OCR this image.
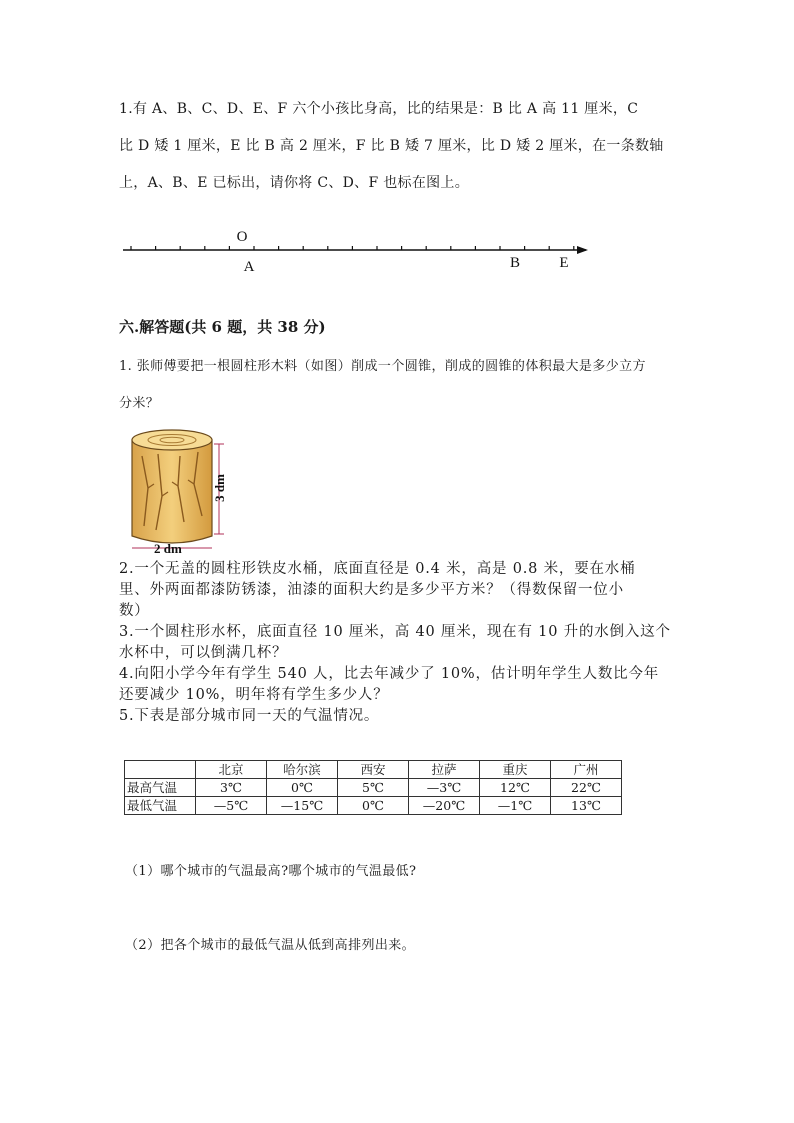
1.有 A、B、C、D、E、F 六个小孩比身高，比的结果是：B 比 A 高 11 厘米，C
比 D 矮 1 厘米，E 比 B 高 2 厘米，F 比 B 矮 7 厘米，比 D 矮 2 厘米，在一条数轴
上，A、B、E 已标出，请你将 C、D、F 也标在图上。
O
A	B	E
六.解答题(共 6 题，共 38 分)
1. 张师傅要把一根圆柱形木料（如图）削成一个圆锥，削成的圆锥的体积最大是多少立方
分米？
3 dm
2 dm
2.一个无盖的圆柱形铁皮水桶，底面直径是 0.4 米，高是 0.8 米，要在水桶
里、外两面都漆防锈漆，油漆的面积大约是多少平方米？（得数保留一位小
数）
3.一个圆柱形水杯，底面直径 10 厘米，高 40 厘米，现在有 10 升的水倒入这个
水杯中，可以倒满几杯？
4.向阳小学今年有学生 540 人，比去年减少了 10%，估计明年学生人数比今年
还要减少 10%，明年将有学生多少人？
5.下表是部分城市同一天的气温情况。
	北京	哈尔滨	西安	拉萨	重庆	广州
最高气温	3℃	0℃	5℃	—3℃	12℃	22℃
最低气温	—5℃	—15℃	0℃	—20℃	—1℃	13℃
（1）哪个城市的气温最高?哪个城市的气温最低?
（2）把各个城市的最低气温从低到高排列出来。
